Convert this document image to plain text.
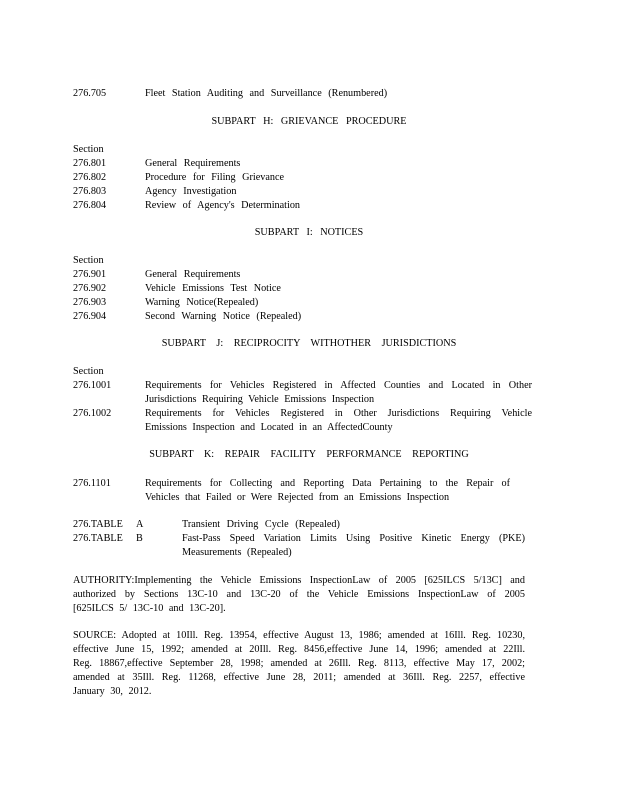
276.705	Fleet Station Auditing and Surveillance (Renumbered)
SUBPART H: GRIEVANCE PROCEDURE
Section
276.801	General Requirements
276.802	Procedure for Filing Grievance
276.803	Agency Investigation
276.804	Review of Agency's Determination
SUBPART I: NOTICES
Section
276.901	General Requirements
276.902	Vehicle Emissions Test Notice
276.903	Warning Notice(Repealed)
276.904	Second Warning Notice (Repealed)
SUBPART J: RECIPROCITY WITHOTHER JURISDICTIONS
Section
276.1001	Requirements for Vehicles Registered in Affected Counties and Located in Other Jurisdictions Requiring Vehicle Emissions Inspection
276.1002	Requirements for Vehicles Registered in Other Jurisdictions Requiring Vehicle Emissions Inspection and Located in an AffectedCounty
SUBPART K: REPAIR FACILITY PERFORMANCE REPORTING
276.1101	Requirements for Collecting and Reporting Data Pertaining to the Repair of Vehicles that Failed or Were Rejected from an Emissions Inspection
276.TABLE A	Transient Driving Cycle (Repealed)
276.TABLE B	Fast-Pass Speed Variation Limits Using Positive Kinetic Energy (PKE) Measurements (Repealed)
AUTHORITY:Implementing the Vehicle Emissions InspectionLaw of 2005 [625ILCS 5/13C] and authorized by Sections 13C-10 and 13C-20 of the Vehicle Emissions InspectionLaw of 2005 [625ILCS 5/ 13C-10 and 13C-20].
SOURCE: Adopted at 10Ill. Reg. 13954, effective August 13, 1986; amended at 16Ill. Reg. 10230, effective June 15, 1992; amended at 20Ill. Reg. 8456,effective June 14, 1996; amended at 22Ill. Reg. 18867,effective September 28, 1998; amended at 26Ill. Reg. 8113, effective May 17, 2002; amended at 35Ill. Reg. 11268, effective June 28, 2011; amended at 36Ill. Reg. 2257, effective January 30, 2012.
